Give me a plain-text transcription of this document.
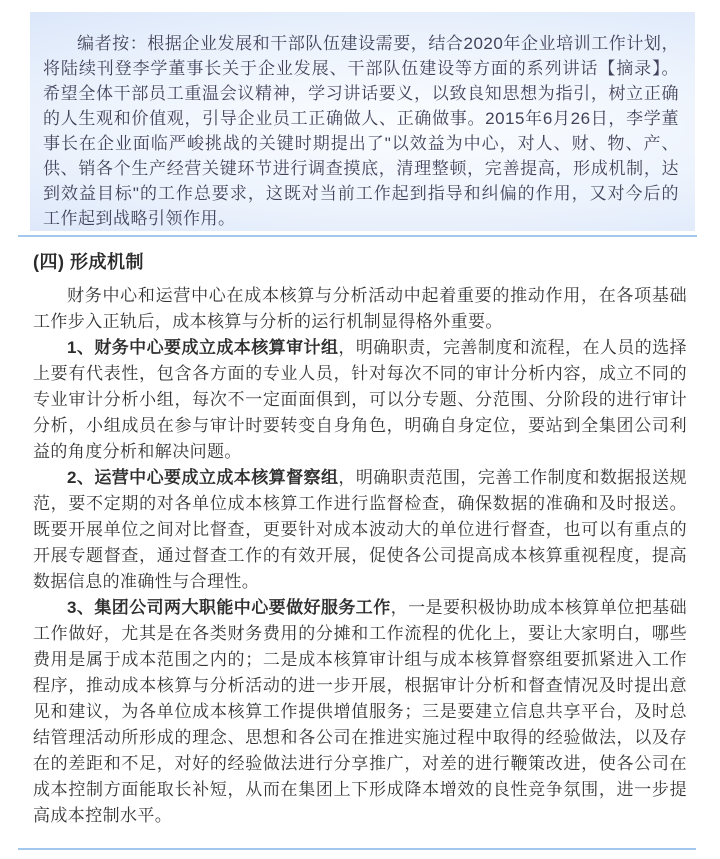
编者按：根据企业发展和干部队伍建设需要，结合2020年企业培训工作计划，将陆续刊登李学董事长关于企业发展、干部队伍建设等方面的系列讲话【摘录】。希望全体干部员工重温会议精神，学习讲话要义，以致良知思想为指引，树立正确的人生观和价值观，引导企业员工正确做人、正确做事。2015年6月26日，李学董事长在企业面临严峻挑战的关键时期提出了"以效益为中心，对人、财、物、产、供、销各个生产经营关键环节进行调查摸底，清理整顿，完善提高，形成机制，达到效益目标"的工作总要求，这既对当前工作起到指导和纠偏的作用，又对今后的工作起到战略引领作用。

(四) 形成机制

财务中心和运营中心在成本核算与分析活动中起着重要的推动作用，在各项基础工作步入正轨后，成本核算与分析的运行机制显得格外重要。

1、财务中心要成立成本核算审计组，明确职责，完善制度和流程，在人员的选择上要有代表性，包含各方面的专业人员，针对每次不同的审计分析内容，成立不同的专业审计分析小组，每次不一定面面俱到，可以分专题、分范围、分阶段的进行审计分析，小组成员在参与审计时要转变自身角色，明确自身定位，要站到全集团公司利益的角度分析和解决问题。

2、运营中心要成立成本核算督察组，明确职责范围，完善工作制度和数据报送规范，要不定期的对各单位成本核算工作进行监督检查，确保数据的准确和及时报送。既要开展单位之间对比督查，更要针对成本波动大的单位进行督查，也可以有重点的开展专题督查，通过督查工作的有效开展，促使各公司提高成本核算重视程度，提高数据信息的准确性与合理性。

3、集团公司两大职能中心要做好服务工作，一是要积极协助成本核算单位把基础工作做好，尤其是在各类财务费用的分摊和工作流程的优化上，要让大家明白，哪些费用是属于成本范围之内的；二是成本核算审计组与成本核算督察组要抓紧进入工作程序，推动成本核算与分析活动的进一步开展，根据审计分析和督查情况及时提出意见和建议，为各单位成本核算工作提供增值服务；三是要建立信息共享平台，及时总结管理活动所形成的理念、思想和各公司在推进实施过程中取得的经验做法，以及存在的差距和不足，对好的经验做法进行分享推广，对差的进行鞭策改进，使各公司在成本控制方面能取长补短，从而在集团上下形成降本增效的良性竞争氛围，进一步提高成本控制水平。
